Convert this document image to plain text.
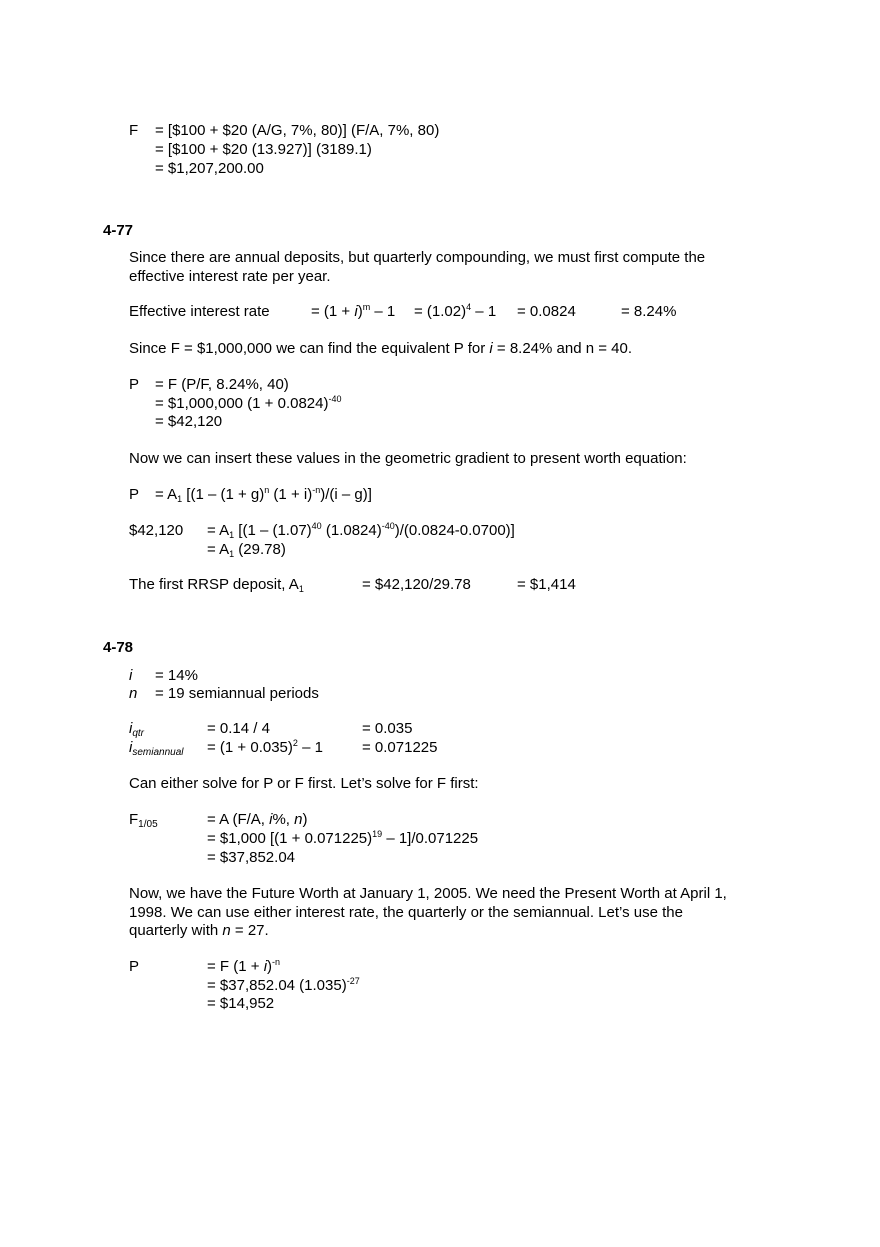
F = [$100 + $20 (A/G, 7%, 80)] (F/A, 7%, 80)
= [$100 + $20 (13.927)] (3189.1)
= $1,207,200.00
4-77
Since there are annual deposits, but quarterly compounding, we must first compute the
effective interest rate per year.
Effective interest rate	= $(1 + i)^m - 1 = (1.02)^4 - 1 = 0.0824$	= 8.24%
Since F = $1,000,000 we can find the equivalent P for i = 8.24% and n = 40.
P = F (P/F, 8.24%, 40)
= $1,000,000 $(1 + 0.0824)^{-40}$
= $42,120
Now we can insert these values in the geometric gradient to present worth equation:
$P = A_1$ [($1 - (1 + g)^n$ $(1 + i)^{-n})/(i - g)$]
$42,120 = $A_1$ [($1 - (1.07)^{40}$ $(1.0824)^{-40})/(0.0824-0.0700)$]
= $A_1$ (29.78)
The first RRSP deposit, $A_1$	= $42,120/29.78	= $1,414
4-78
i = 14%
n = 19 semiannual periods
$i_{qtr}$	= 0.14 / 4	= 0.035
$i_{semiannual} = (1 + 0.035)^2 - 1$	= 0.071225
Can either solve for P or F first. Let’s solve for F first:
$F_{1/05}$	= A (F/A, i%, n)
= $1,000 $[(1 + 0.071225)^{19} - 1]/0.071225$
= $37,852.04
Now, we have the Future Worth at January 1, 2005. We need the Present Worth at April 1,
1998. We can use either interest rate, the quarterly or the semiannual. Let’s use the
quarterly with n = 27.
P	= F $(1 + i)^{-n}$
= $37,852.04 $(1.035)^{-27}$
= $14,952
